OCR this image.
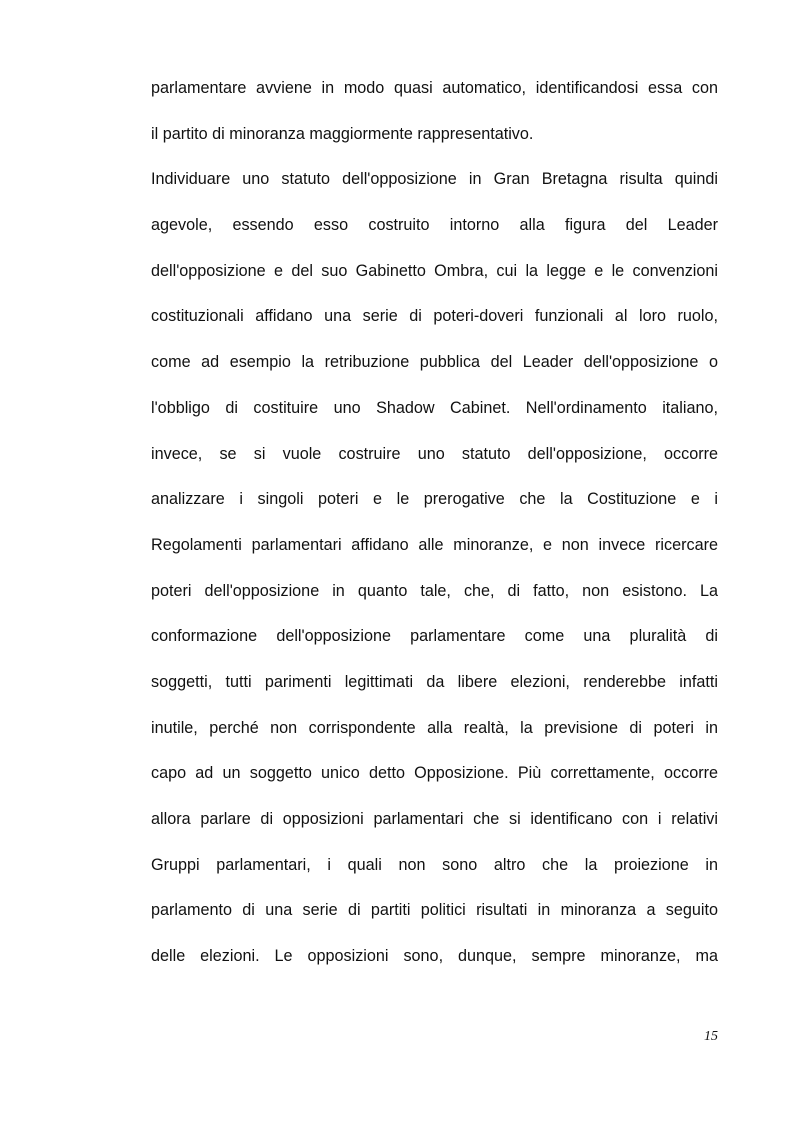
parlamentare avviene in modo quasi automatico, identificandosi essa con
il partito di minoranza maggiormente rappresentativo.
Individuare uno statuto dell'opposizione in Gran Bretagna risulta quindi
agevole, essendo esso costruito intorno alla figura del Leader
dell'opposizione e del suo Gabinetto Ombra, cui la legge e le convenzioni
costituzionali affidano una serie di poteri-doveri funzionali al loro ruolo,
come ad esempio la retribuzione pubblica del Leader dell'opposizione o
l'obbligo di costituire uno Shadow Cabinet. Nell'ordinamento italiano,
invece, se si vuole costruire uno statuto dell'opposizione, occorre
analizzare i singoli poteri e le prerogative che la Costituzione e i
Regolamenti parlamentari affidano alle minoranze, e non invece ricercare
poteri dell'opposizione in quanto tale, che, di fatto, non esistono. La
conformazione dell'opposizione parlamentare come una pluralità di
soggetti, tutti parimenti legittimati da libere elezioni, renderebbe infatti
inutile, perché non corrispondente alla realtà, la previsione di poteri in
capo ad un soggetto unico detto Opposizione. Più correttamente, occorre
allora parlare di opposizioni parlamentari che si identificano con i relativi
Gruppi parlamentari, i quali non sono altro che la proiezione in
parlamento di una serie di partiti politici risultati in minoranza a seguito
delle elezioni. Le opposizioni sono, dunque, sempre minoranze, ma
15
